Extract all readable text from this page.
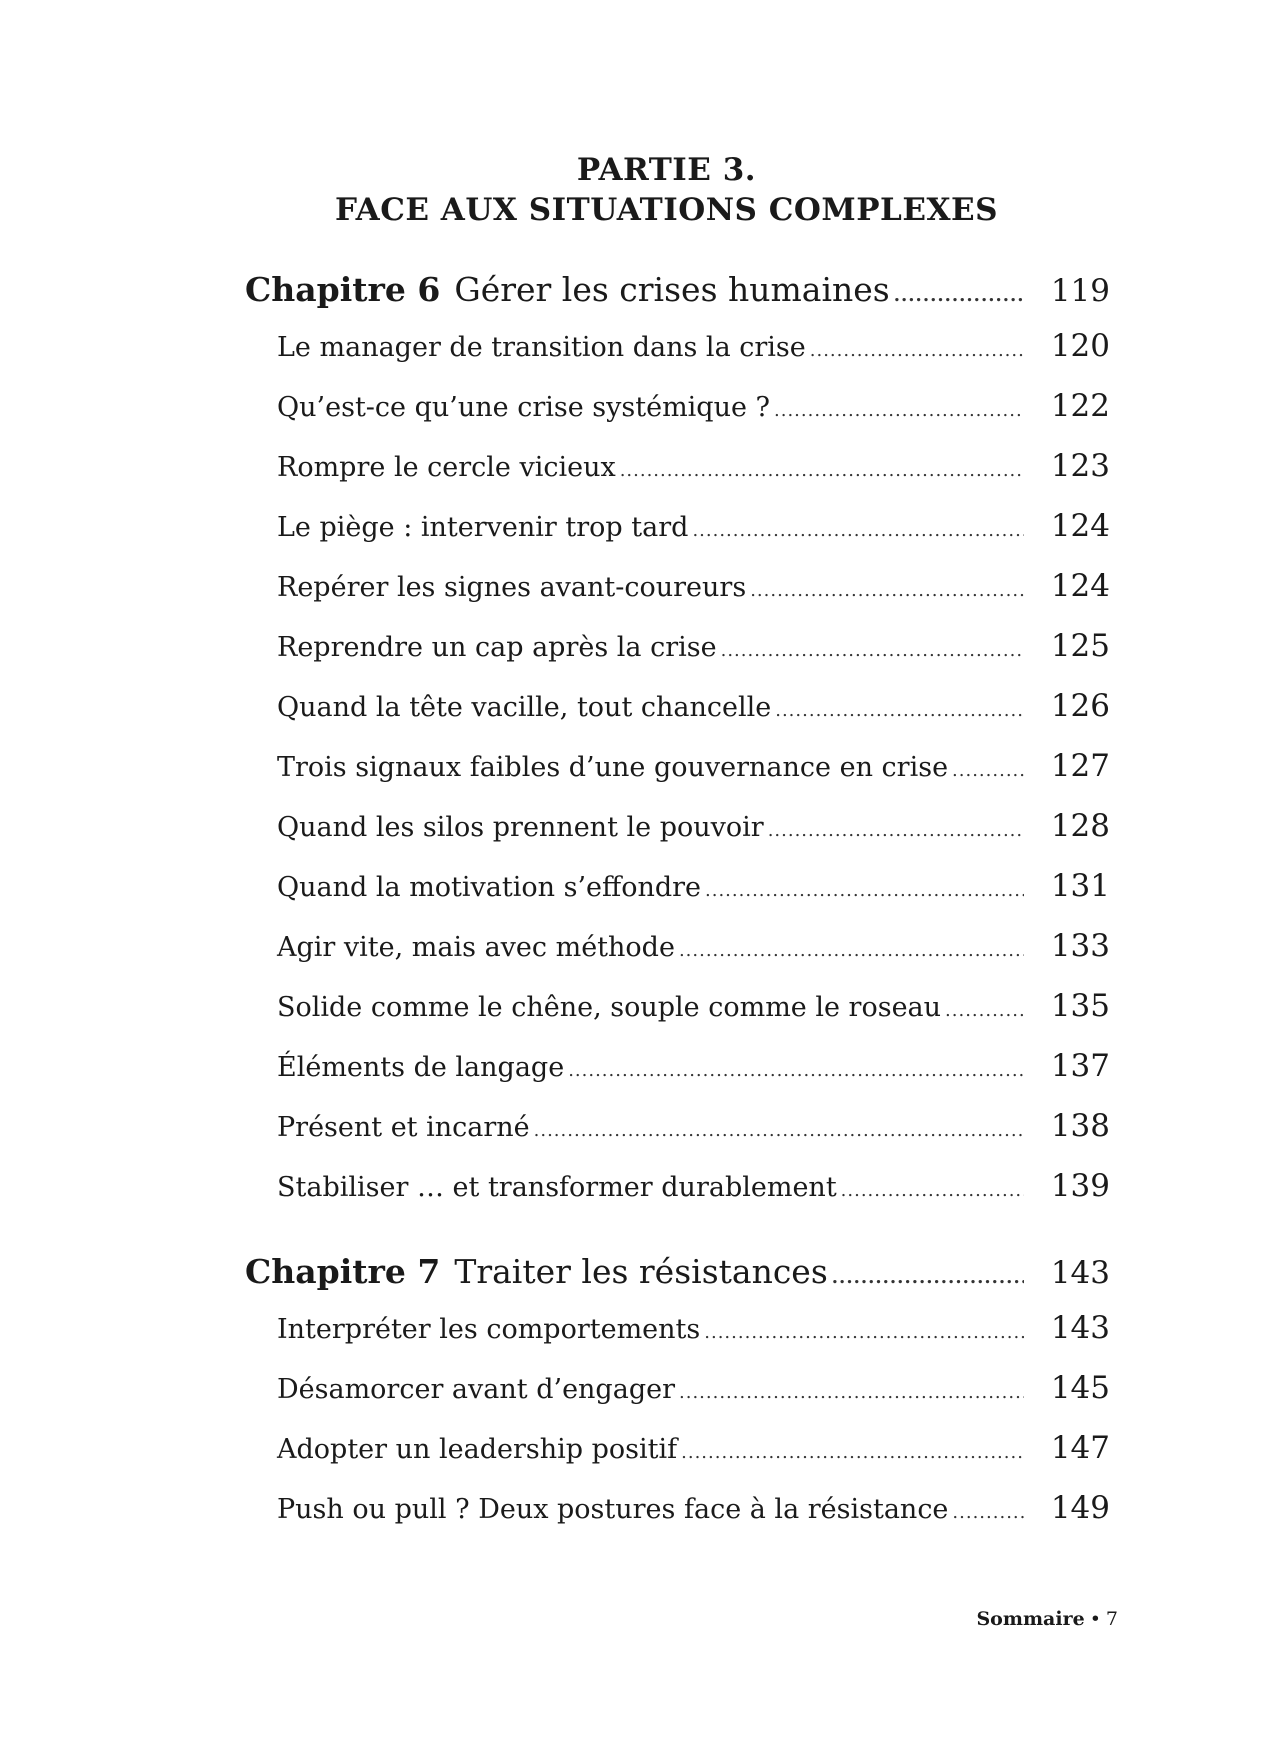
PARTIE 3.
FACE AUX SITUATIONS COMPLEXES
Chapitre 6 Gérer les crises humaines .....	119
Le manager de transition dans la crise .....	120
Qu’est-ce qu’une crise systémique ? .....	122
Rompre le cercle vicieux .....	123
Le piège : intervenir trop tard .....	124
Repérer les signes avant-coureurs .....	124
Reprendre un cap après la crise .....	125
Quand la tête vacille, tout chancelle .....	126
Trois signaux faibles d’une gouvernance en crise .....	127
Quand les silos prennent le pouvoir .....	128
Quand la motivation s’effondre .....	131
Agir vite, mais avec méthode .....	133
Solide comme le chêne, souple comme le roseau .....	135
Éléments de langage .....	137
Présent et incarné .....	138
Stabiliser … et transformer durablement .....	139
Chapitre 7 Traiter les résistances .....	143
Interpréter les comportements .....	143
Désamorcer avant d’engager .....	145
Adopter un leadership positif .....	147
Push ou pull ? Deux postures face à la résistance .....	149
Sommaire • 7
